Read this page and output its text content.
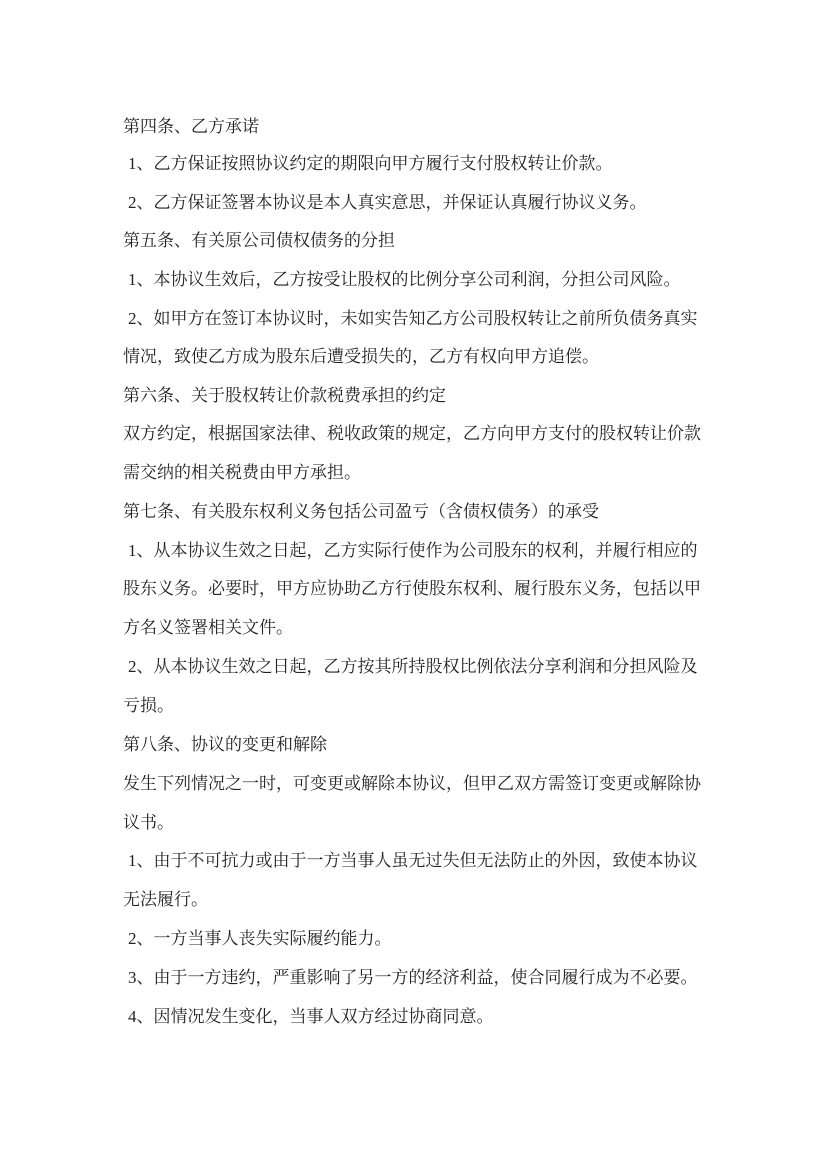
第四条、乙方承诺
1、乙方保证按照协议约定的期限向甲方履行支付股权转让价款。
2、乙方保证签署本协议是本人真实意思，并保证认真履行协议义务。
第五条、有关原公司债权债务的分担
1、本协议生效后，乙方按受让股权的比例分享公司利润，分担公司风险。
2、如甲方在签订本协议时，未如实告知乙方公司股权转让之前所负债务真实
情况，致使乙方成为股东后遭受损失的，乙方有权向甲方追偿。
第六条、关于股权转让价款税费承担的约定
双方约定，根据国家法律、税收政策的规定，乙方向甲方支付的股权转让价款
需交纳的相关税费由甲方承担。
第七条、有关股东权利义务包括公司盈亏（含债权债务）的承受
1、从本协议生效之日起，乙方实际行使作为公司股东的权利，并履行相应的
股东义务。必要时，甲方应协助乙方行使股东权利、履行股东义务，包括以甲
方名义签署相关文件。
2、从本协议生效之日起，乙方按其所持股权比例依法分享利润和分担风险及
亏损。
第八条、协议的变更和解除
发生下列情况之一时，可变更或解除本协议，但甲乙双方需签订变更或解除协
议书。
1、由于不可抗力或由于一方当事人虽无过失但无法防止的外因，致使本协议
无法履行。
2、一方当事人丧失实际履约能力。
3、由于一方违约，严重影响了另一方的经济利益，使合同履行成为不必要。
4、因情况发生变化，当事人双方经过协商同意。
